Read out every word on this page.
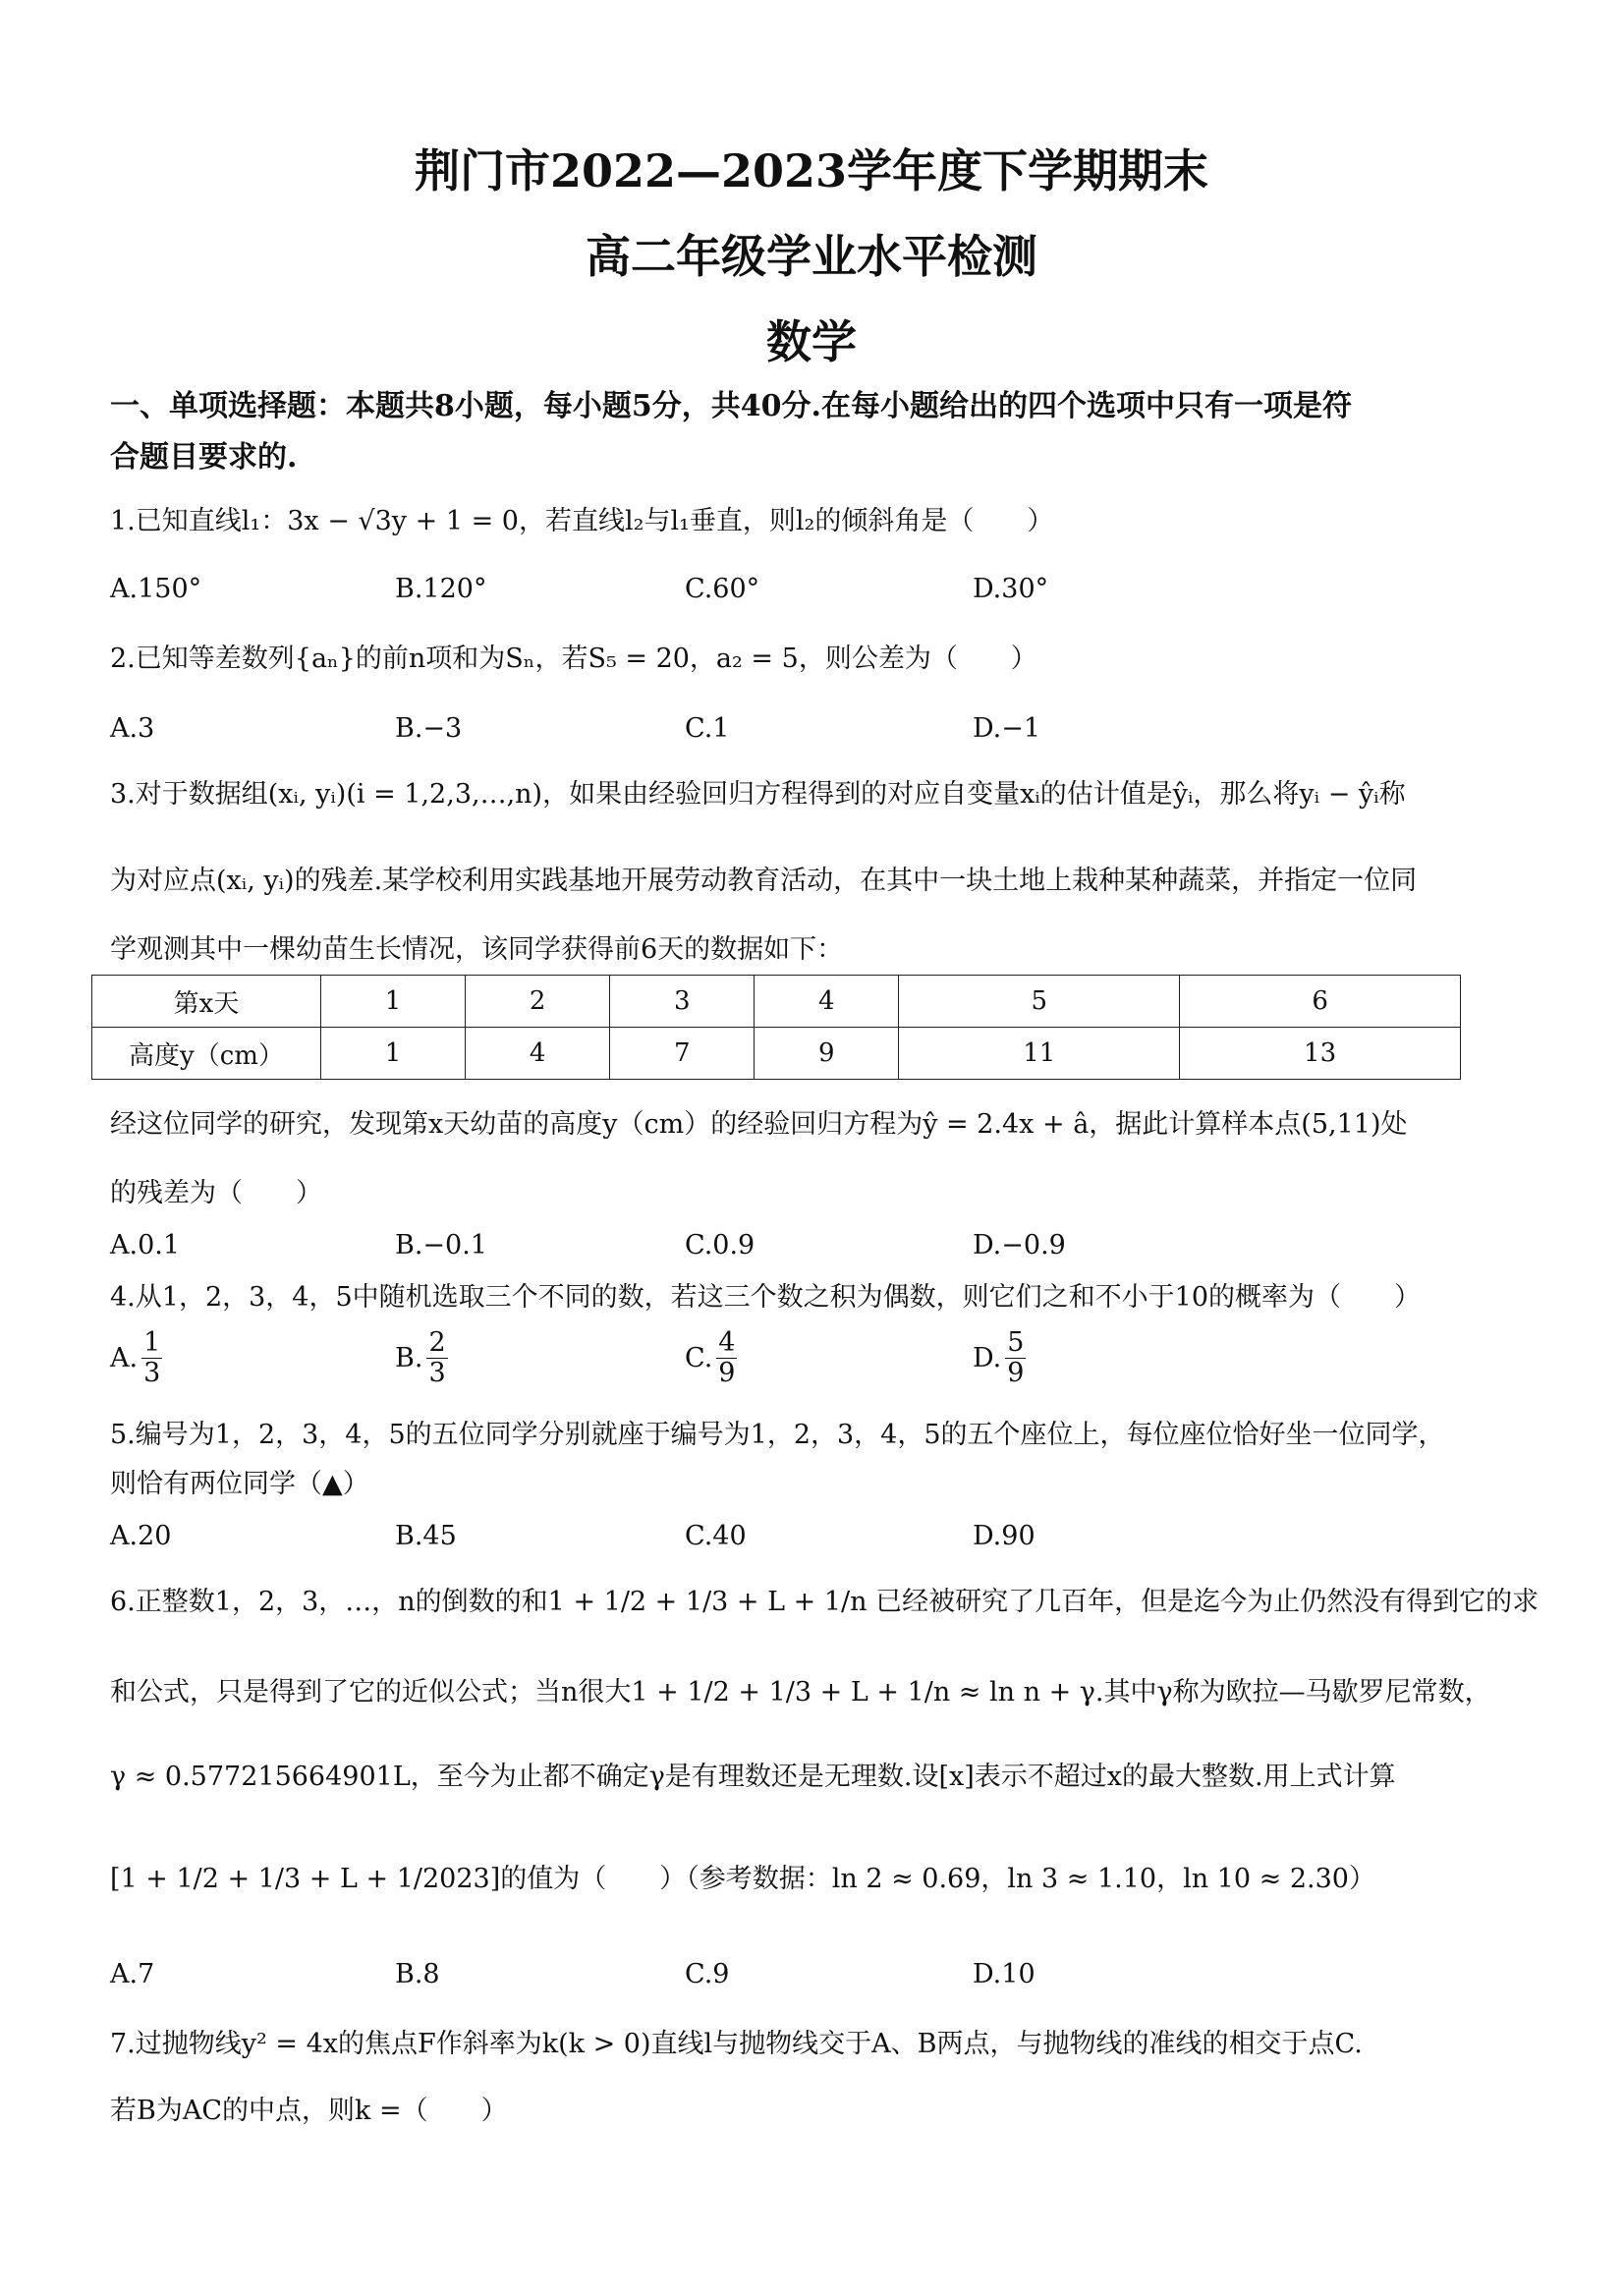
荆门市2022—2023学年度下学期期末
高二年级学业水平检测
数学
一、单项选择题：本题共8小题，每小题5分，共40分.在每小题给出的四个选项中只有一项是符
合题目要求的.
1.已知直线l₁：3x − √3y + 1 = 0，若直线l₂与l₁垂直，则l₂的倾斜角是（　　）
A.150°	B.120°	C.60°	D.30°
2.已知等差数列{aₙ}的前n项和为Sₙ，若S₅ = 20，a₂ = 5，则公差为（　　）
A.3	B.−3	C.1	D.−1
3.对于数据组(xᵢ, yᵢ)(i = 1,2,3,…,n)，如果由经验回归方程得到的对应自变量xᵢ的估计值是ŷᵢ，那么将yᵢ − ŷᵢ称
为对应点(xᵢ, yᵢ)的残差.某学校利用实践基地开展劳动教育活动，在其中一块土地上栽种某种蔬菜，并指定一位同
学观测其中一棵幼苗生长情况，该同学获得前6天的数据如下：
第x天	1	2	3	4	5	6
高度y（cm）	1	4	7	9	11	13
经这位同学的研究，发现第x天幼苗的高度y（cm）的经验回归方程为ŷ = 2.4x + â，据此计算样本点(5,11)处
的残差为（　　）
A.0.1	B.−0.1	C.0.9	D.−0.9
4.从1，2，3，4，5中随机选取三个不同的数，若这三个数之积为偶数，则它们之和不小于10的概率为（　　）
A. $\frac{1}{3}$	B. $\frac{2}{3}$	C. $\frac{4}{9}$	D. $\frac{5}{9}$
5.编号为1，2，3，4，5的五位同学分别就座于编号为1，2，3，4，5的五个座位上，每位座位恰好坐一位同学，
则恰有两位同学（▲）
A.20	B.45	C.40	D.90
6.正整数1，2，3，…，n的倒数的和1 + 1/2 + 1/3 + L + 1/n 已经被研究了几百年，但是迄今为止仍然没有得到它的求
和公式，只是得到了它的近似公式；当n很大1 + 1/2 + 1/3 + L + 1/n ≈ ln n + γ.其中γ称为欧拉—马歇罗尼常数，
γ ≈ 0.577215664901L，至今为止都不确定γ是有理数还是无理数.设[x]表示不超过x的最大整数.用上式计算
[1 + 1/2 + 1/3 + L + 1/2023]的值为（　　）（参考数据：ln 2 ≈ 0.69，ln 3 ≈ 1.10，ln 10 ≈ 2.30）
A.7	B.8	C.9	D.10
7.过抛物线y² = 4x的焦点F作斜率为k(k > 0)直线l与抛物线交于A、B两点，与抛物线的准线的相交于点C.
若B为AC的中点，则k =（　　）
